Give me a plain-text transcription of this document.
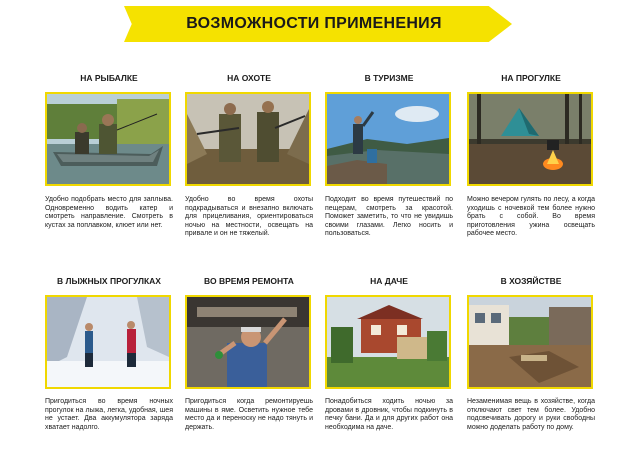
ВОЗМОЖНОСТИ ПРИМЕНЕНИЯ
НА РЫБАЛКЕ
Удобно подобрать место для заплыва. Одновременно водить катер и смотреть направление. Смотреть в кустах за поплавком, клюет или нет.
НА ОХОТЕ
Удобно во время охоты подкрадываться и внезапно включать для прицеливания, ориентироваться ночью на местности, освещать на привале и он не тяжелый.
В ТУРИЗМЕ
Подходит во время путешествий по пещерам, смотреть за красотой. Поможет заметить, то что не увидишь своими глазами. Легко носить и пользоваться.
НА ПРОГУЛКЕ
Можно вечером гулять по лесу, а когда уходишь с ночевкой тем более нужно брать с собой. Во время приготовления ужина освещать рабочее место.
В ЛЫЖНЫХ ПРОГУЛКАХ
Пригодиться во время ночных прогулок на лыжа, легка, удобная, шея не устает. Два аккумулятора заряда хватает надолго.
ВО ВРЕМЯ РЕМОНТА
Пригодиться когда ремонтируешь машины в яме. Осветить нужное тебе место да и переноску не надо тянуть и держать.
НА ДАЧЕ
Понадобиться ходить ночью за дровами в дровник, чтобы подкинуть в печку бани. Да и для других работ она необходима на даче.
В ХОЗЯЙСТВЕ
Незаменимая вещь в хозяйстве, когда отключают свет тем более. Удобно подсвечивать дорогу и руки свободны можно доделать работу по дому.
